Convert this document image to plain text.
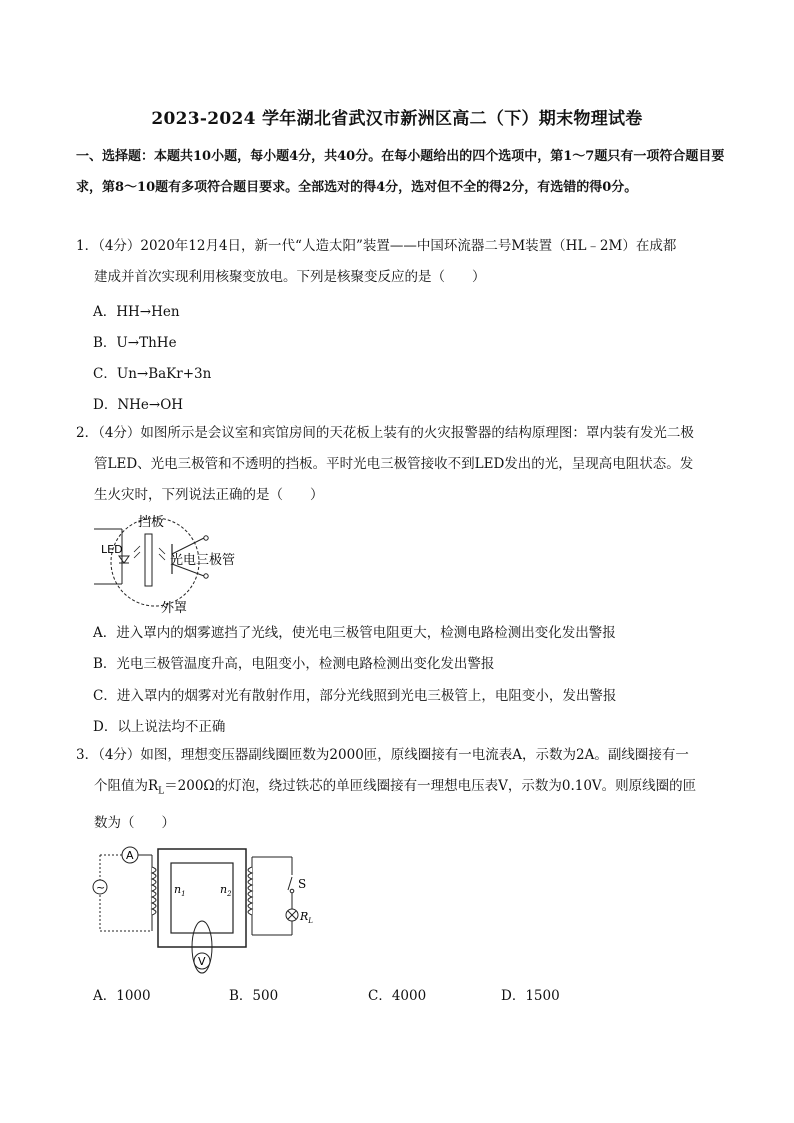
2023-2024 学年湖北省武汉市新洲区高二（下）期末物理试卷
一、选择题：本题共10小题，每小题4分，共40分。在每小题给出的四个选项中，第1～7题只有一项符合题目要求，第8～10题有多项符合题目要求。全部选对的得4分，选对但不全的得2分，有选错的得0分。
1．（4分）2020年12月4日，新一代“人造太阳”装置——中国环流器二号M装置（HL﹣2M）在成都
建成并首次实现利用核聚变放电。下列是核聚变反应的是（　　）
A．HH→Hen
B．U→ThHe
C．Un→BaKr+3n
D．NHe→OH
2．（4分）如图所示是会议室和宾馆房间的天花板上装有的火灾报警器的结构原理图：罩内装有发光二极
管LED、光电三极管和不透明的挡板。平时光电三极管接收不到LED发出的光，呈现高电阻状态。发
生火灾时，下列说法正确的是（　　）
挡板
LED
光电三极管
外罩
A．进入罩内的烟雾遮挡了光线，使光电三极管电阻更大，检测电路检测出变化发出警报
B．光电三极管温度升高，电阻变小，检测电路检测出变化发出警报
C．进入罩内的烟雾对光有散射作用，部分光线照到光电三极管上，电阻变小，发出警报
D．以上说法均不正确
3．（4分）如图，理想变压器副线圈匝数为2000匝，原线圈接有一电流表A，示数为2A。副线圈接有一
个阻值为$R_L=200\Omega$的灯泡，绕过铁芯的单匝线圈接有一理想电压表V，示数为0.10V。则原线圈的匝
数为（　　）
~
A
$n_1$	$n_2$
S
$R_L$
V
A．1000	B．500	C．4000	D．1500
